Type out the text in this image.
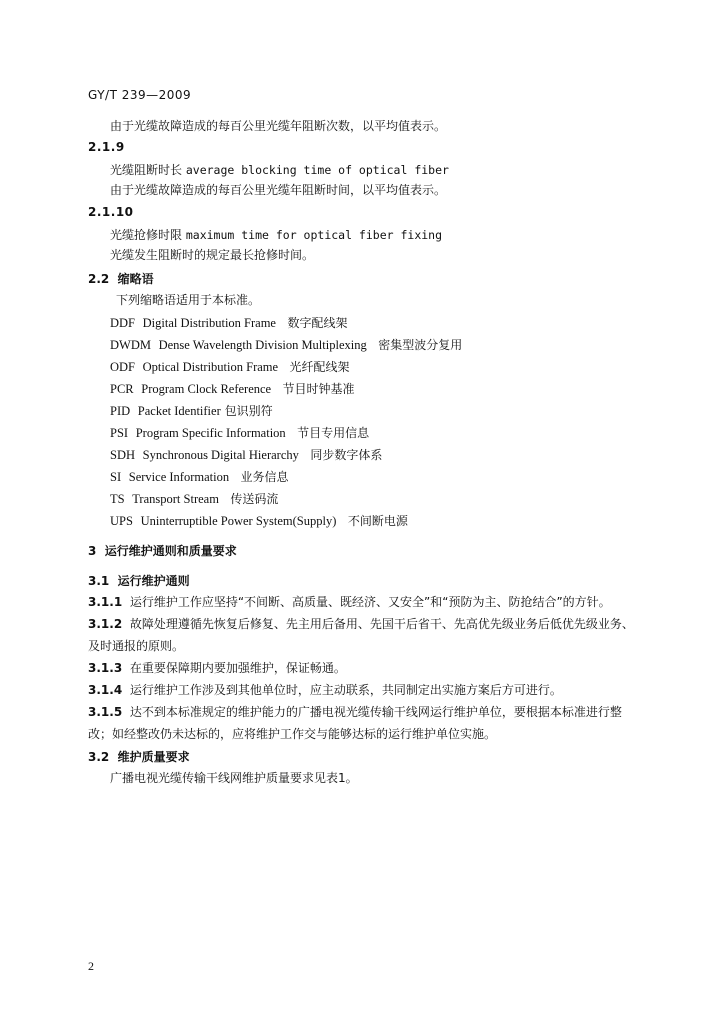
GY/T 239—2009
由于光缆故障造成的每百公里光缆年阻断次数，以平均值表示。
2.1.9
光缆阻断时长 average blocking time of optical fiber
由于光缆故障造成的每百公里光缆年阻断时间，以平均值表示。
2.1.10
光缆抢修时限 maximum time for optical fiber fixing
光缆发生阻断时的规定最长抢修时间。
2.2 缩略语
下列缩略语适用于本标准。
DDF Digital Distribution Frame 数字配线架
DWDM Dense Wavelength Division Multiplexing 密集型波分复用
ODF Optical Distribution Frame 光纤配线架
PCR Program Clock Reference 节目时钟基准
PID Packet Identifier 包识别符
PSI Program Specific Information 节目专用信息
SDH Synchronous Digital Hierarchy 同步数字体系
SI Service Information 业务信息
TS Transport Stream 传送码流
UPS Uninterruptible Power System(Supply) 不间断电源
3 运行维护通则和质量要求
3.1 运行维护通则
3.1.1 运行维护工作应坚持“不间断、高质量、既经济、又安全”和“预防为主、防抢结合”的方针。
3.1.2 故障处理遵循先恢复后修复、先主用后备用、先国干后省干、先高优先级业务后低优先级业务、
及时通报的原则。
3.1.3 在重要保障期内要加强维护，保证畅通。
3.1.4 运行维护工作涉及到其他单位时，应主动联系，共同制定出实施方案后方可进行。
3.1.5 达不到本标准规定的维护能力的广播电视光缆传输干线网运行维护单位，要根据本标准进行整
改；如经整改仍未达标的，应将维护工作交与能够达标的运行维护单位实施。
3.2 维护质量要求
广播电视光缆传输干线网维护质量要求见表1。
2
